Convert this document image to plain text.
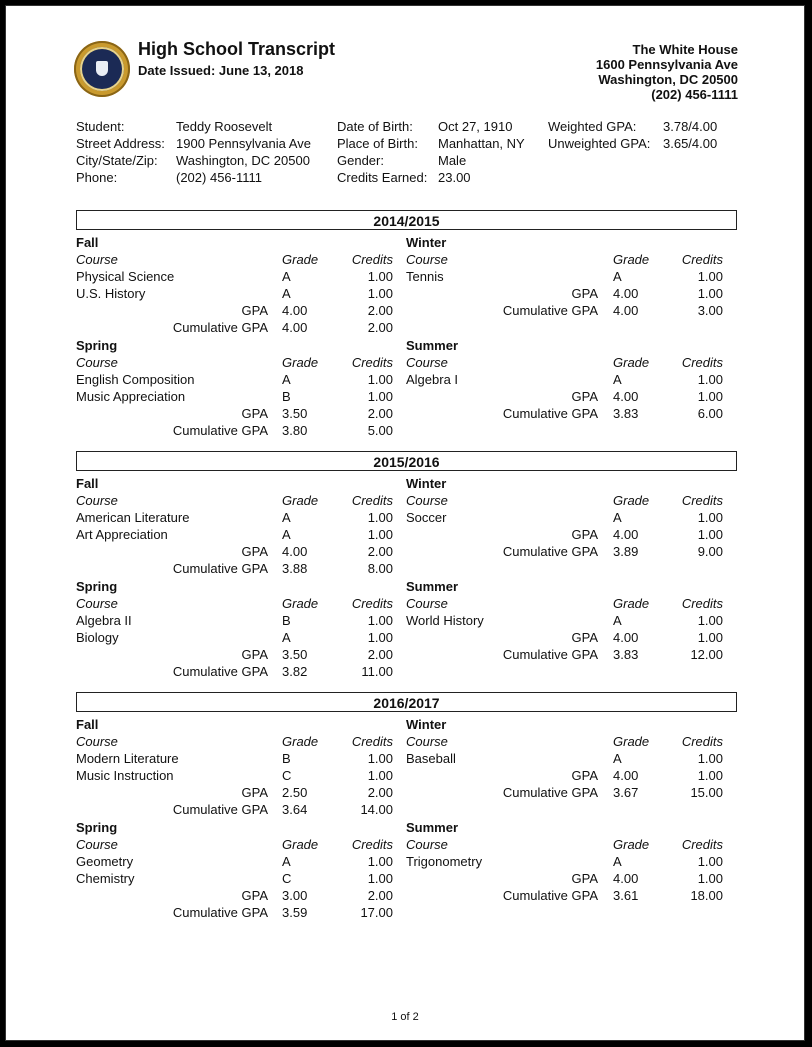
High School Transcript
Date Issued: June 13, 2018
The White House
1600 Pennsylvania Ave
Washington, DC 20500
(202) 456-1111
Student:	Teddy Roosevelt
Street Address: 1900 Pennsylvania Ave
City/State/Zip: Washington, DC 20500
Phone:	(202) 456-1111
Date of Birth: Oct 27, 1910
Place of Birth: Manhattan, NY
Gender:	Male
Credits Earned: 23.00
Weighted GPA: 3.78/4.00
Unweighted GPA: 3.65/4.00
2014/2015
Fall
Course	Grade	Credits
Physical Science	A	1.00
U.S. History	A	1.00
GPA 4.00	2.00
Cumulative GPA 4.00	2.00
Winter
Course	Grade	Credits
Tennis	A	1.00
GPA 4.00	1.00
Cumulative GPA 4.00	3.00
Spring
Course	Grade	Credits
English Composition	A	1.00
Music Appreciation	B	1.00
GPA 3.50	2.00
Cumulative GPA 3.80	5.00
Summer
Course	Grade	Credits
Algebra I	A	1.00
GPA 4.00	1.00
Cumulative GPA 3.83	6.00
2015/2016
Fall
Course	Grade	Credits
American Literature	A	1.00
Art Appreciation	A	1.00
GPA 4.00	2.00
Cumulative GPA 3.88	8.00
Winter
Course	Grade	Credits
Soccer	A	1.00
GPA 4.00	1.00
Cumulative GPA 3.89	9.00
Spring
Course	Grade	Credits
Algebra II	B	1.00
Biology	A	1.00
GPA 3.50	2.00
Cumulative GPA 3.82	11.00
Summer
Course	Grade	Credits
World History	A	1.00
GPA 4.00	1.00
Cumulative GPA 3.83	12.00
2016/2017
Fall
Course	Grade	Credits
Modern Literature	B	1.00
Music Instruction	C	1.00
GPA 2.50	2.00
Cumulative GPA 3.64	14.00
Winter
Course	Grade	Credits
Baseball	A	1.00
GPA 4.00	1.00
Cumulative GPA 3.67	15.00
Spring
Course	Grade	Credits
Geometry	A	1.00
Chemistry	C	1.00
GPA 3.00	2.00
Cumulative GPA 3.59	17.00
Summer
Course	Grade	Credits
Trigonometry	A	1.00
GPA 4.00	1.00
Cumulative GPA 3.61	18.00
1 of 2
